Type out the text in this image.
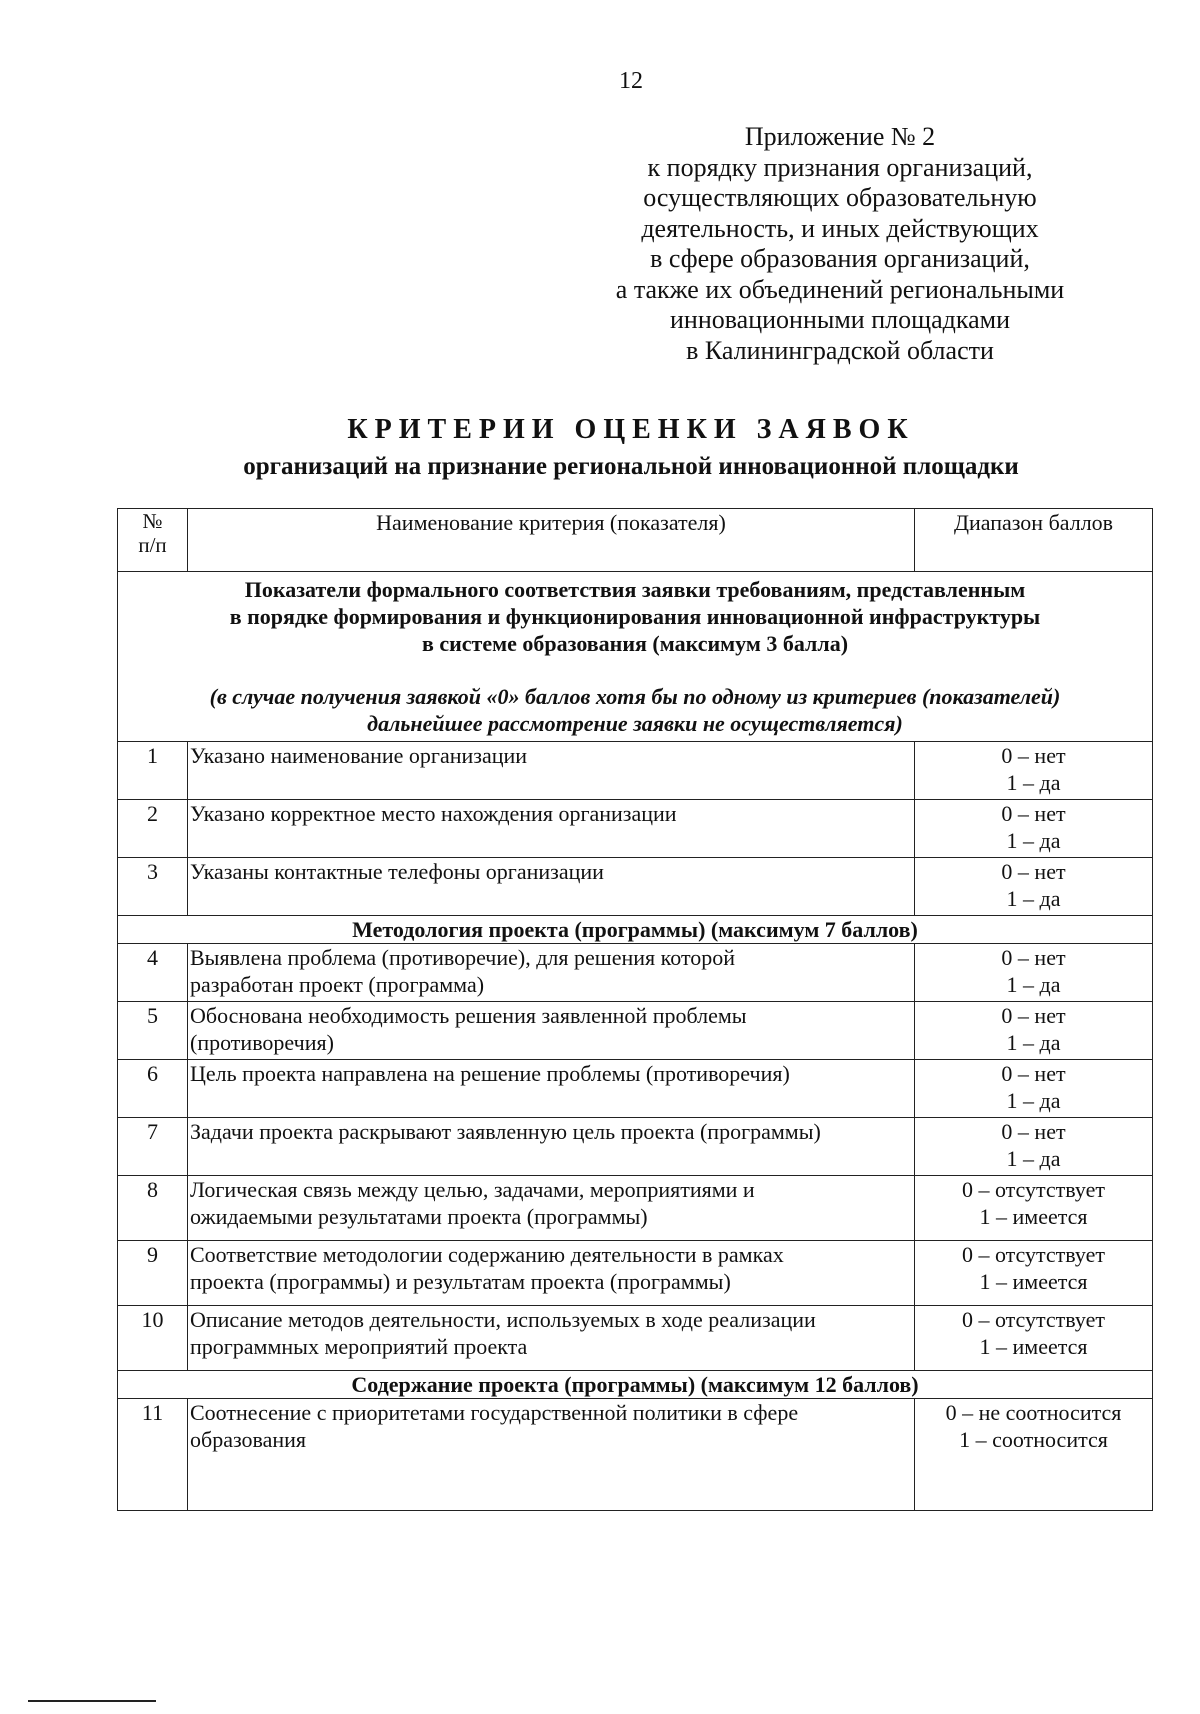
12
Приложение № 2
к порядку признания организаций,
осуществляющих образовательную
деятельность, и иных действующих
в сфере образования организаций,
а также их объединений региональными
инновационными площадками
в Калининградской области
КРИТЕРИИ ОЦЕНКИ ЗАЯВОК
организаций на признание региональной инновационной площадки
№
п/п	Наименование критерия (показателя)	Диапазон баллов

Показатели формального соответствия заявки требованиям, представленным
в порядке формирования и функционирования инновационной инфраструктуры
в системе образования (максимум 3 балла)
(в случае получения заявкой «0» баллов хотя бы по одному из критериев (показателей)
дальнейшее рассмотрение заявки не осуществляется)		

1	Указано наименование организации	0 – нет
1 – да

2	Указано корректное место нахождения организации	0 – нет
1 – да

3	Указаны контактные телефоны организации	0 – нет
1 – да

Методология проекта (программы) (максимум 7 баллов)		
4	Выявлена проблема (противоречие), для решения которой
разработан проект (программа)	0 – нет
1 – да

5	Обоснована необходимость решения заявленной проблемы
(противоречия)	0 – нет
1 – да

6	Цель проекта направлена на решение проблемы (противоречия)	0 – нет
1 – да

7	Задачи проекта раскрывают заявленную цель проекта (программы)	0 – нет
1 – да

8	Логическая связь между целью, задачами, мероприятиями и
ожидаемыми результатами проекта (программы)	0 – отсутствует
1 – имеется

9	Соответствие методологии содержанию деятельности в рамках
проекта (программы) и результатам проекта (программы)	0 – отсутствует
1 – имеется

10	Описание методов деятельности, используемых в ходе реализации
программных мероприятий проекта	0 – отсутствует
1 – имеется

Содержание проекта (программы) (максимум 12 баллов)		
11	Соотнесение с приоритетами государственной политики в сфере
образования	0 – не соотносится
1 – соотносится
